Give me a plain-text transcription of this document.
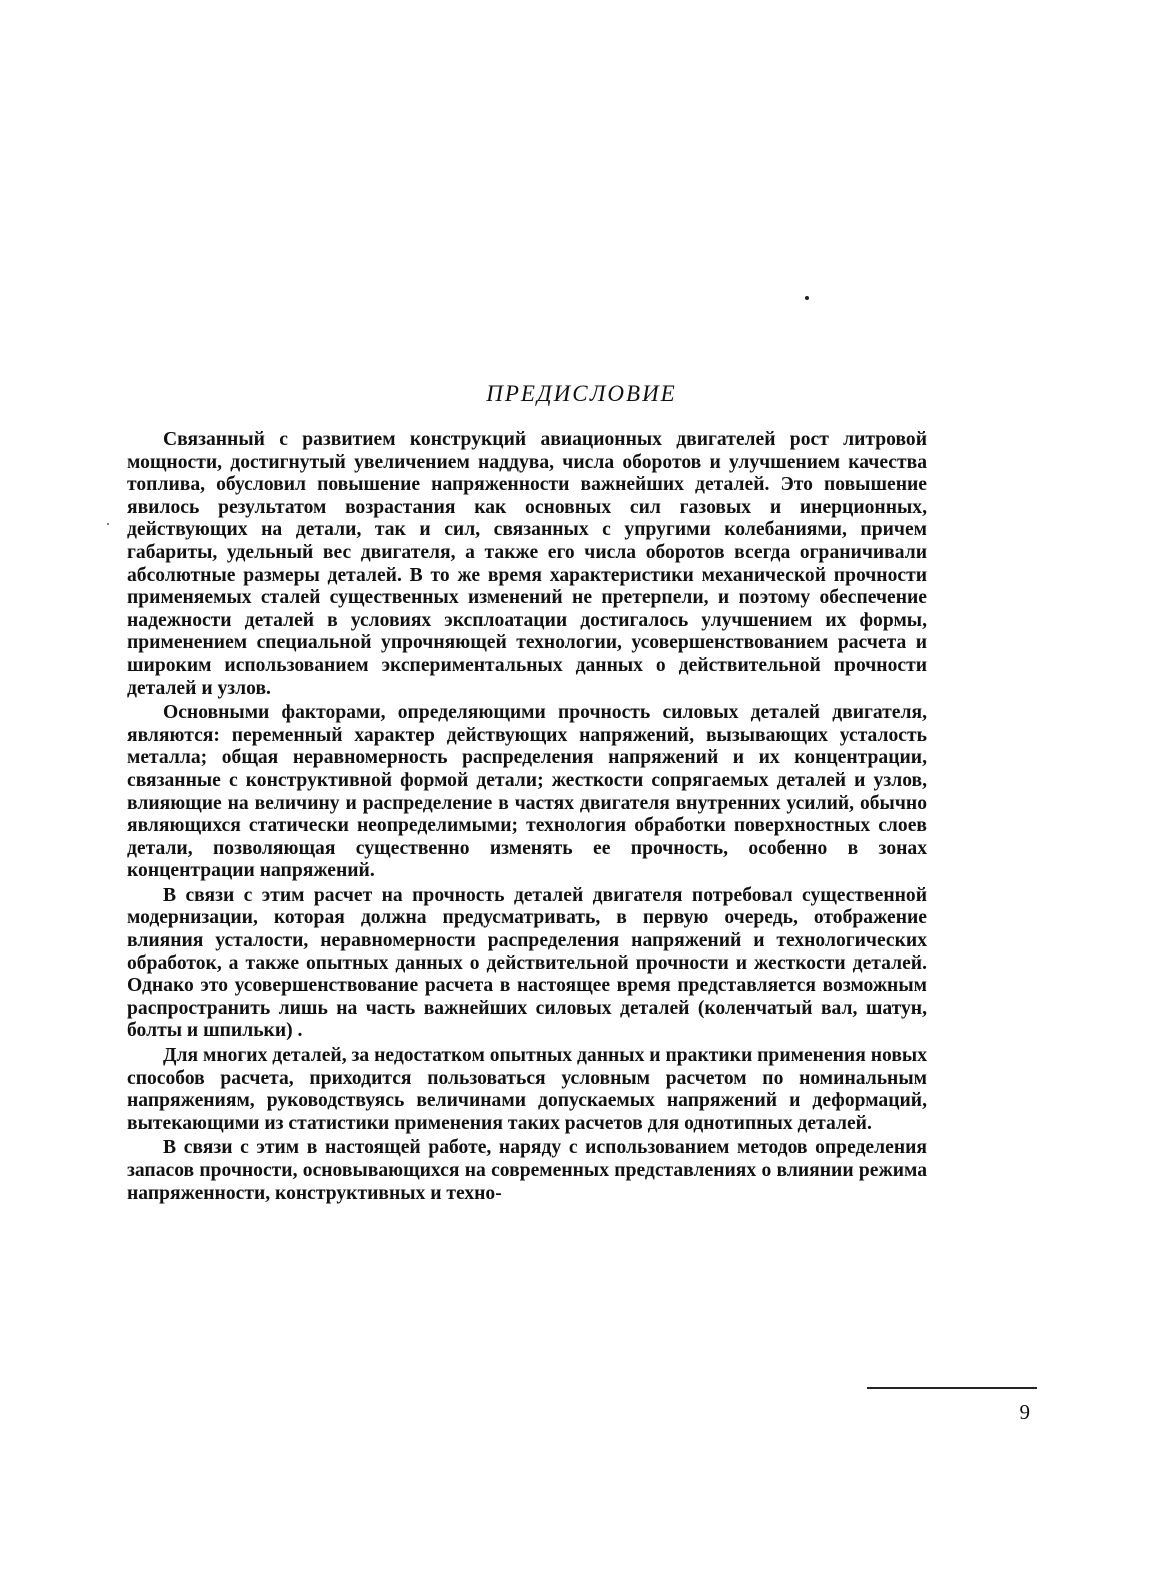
ПРЕДИСЛОВИЕ

Связанный с развитием конструкций авиационных двигателей рост литровой мощности, достигнутый увеличением наддува, числа оборотов и улучшением качества топлива, обусловил повышение напряженности важнейших деталей. Это повышение явилось результатом возрастания как основных сил газовых и инерционных, действующих на детали, так и сил, связанных с упругими колебаниями, причем габариты, удельный вес двигателя, а также его числа оборотов всегда ограничивали абсолютные размеры деталей. В то же время характеристики механической прочности применяемых сталей существенных изменений не претерпели, и поэтому обеспечение надежности деталей в условиях эксплоатации достигалось улучшением их формы, применением специальной упрочняющей технологии, усовершенствованием расчета и широким использованием экспериментальных данных о действительной прочности деталей и узлов.

Основными факторами, определяющими прочность силовых деталей двигателя, являются: переменный характер действующих напряжений, вызывающих усталость металла; общая неравномерность распределения напряжений и их концентрации, связанные с конструктивной формой детали; жесткости сопрягаемых деталей и узлов, влияющие на величину и распределение в частях двигателя внутренних усилий, обычно являющихся статически неопределимыми; технология обработки поверхностных слоев детали, позволяющая существенно изменять ее прочность, особенно в зонах концентрации напряжений.

В связи с этим расчет на прочность деталей двигателя потребовал существенной модернизации, которая должна предусматривать, в первую очередь, отображение влияния усталости, неравномерности распределения напряжений и технологических обработок, а также опытных данных о действительной прочности и жесткости деталей. Однако это усовершенствование расчета в настоящее время представляется возможным распространить лишь на часть важнейших силовых деталей (коленчатый вал, шатун, болты и шпильки) .

Для многих деталей, за недостатком опытных данных и практики применения новых способов расчета, приходится пользоваться условным расчетом по номинальным напряжениям, руководствуясь величинами допускаемых напряжений и деформаций, вытекающими из статистики применения таких расчетов для однотипных деталей.

В связи с этим в настоящей работе, наряду с использованием методов определения запасов прочности, основывающихся на современных представлениях о влиянии режима напряженности, конструктивных и техно-

9
